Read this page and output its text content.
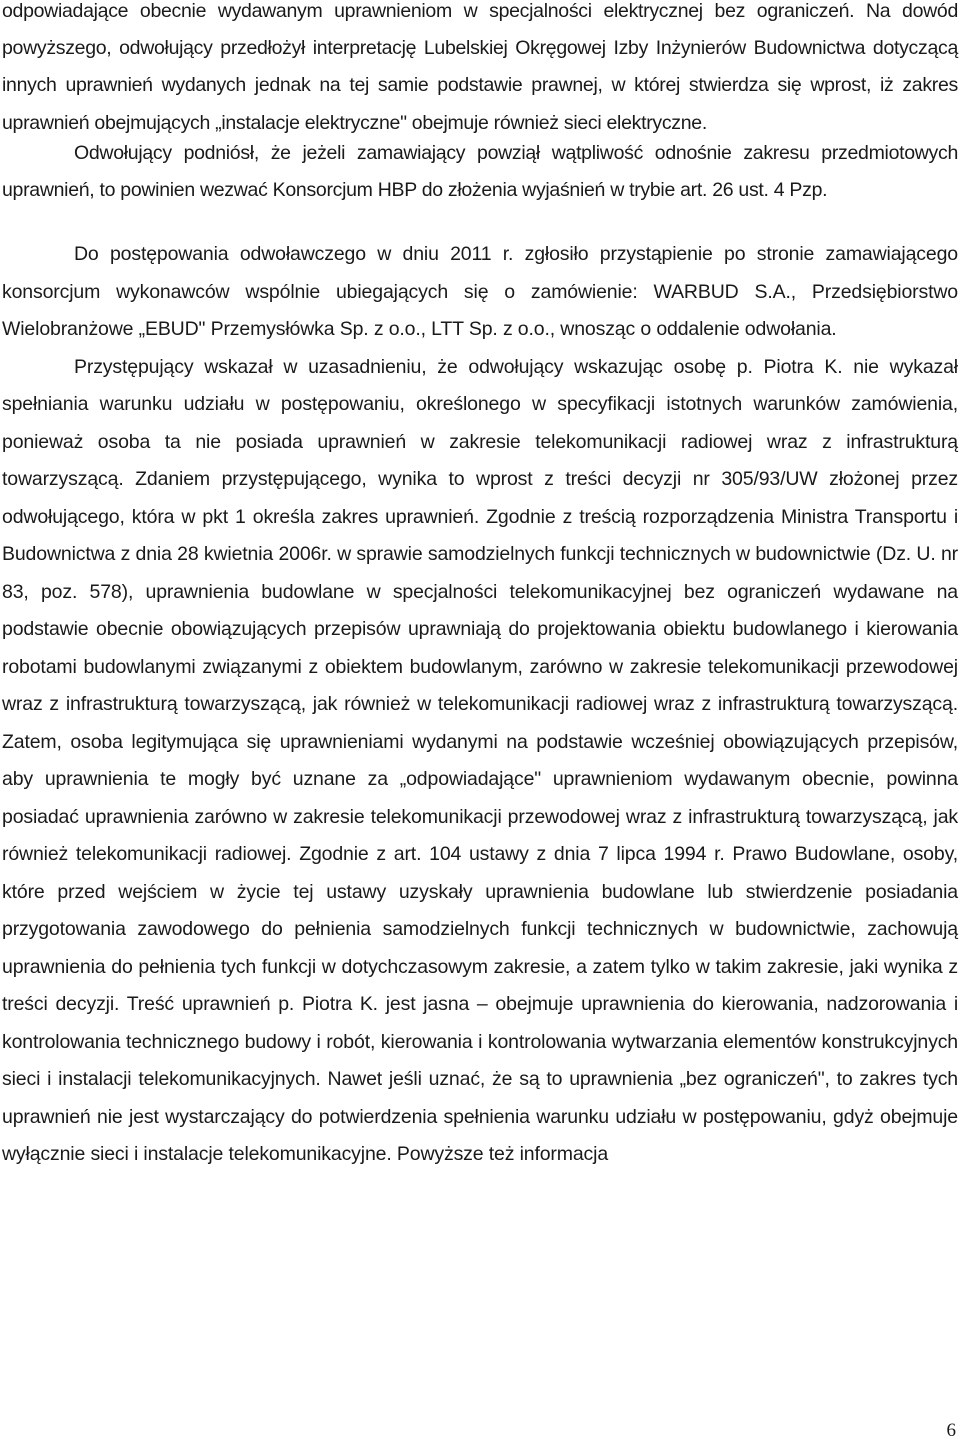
odpowiadające obecnie wydawanym uprawnieniom w specjalności elektrycznej bez ograniczeń. Na dowód powyższego, odwołujący przedłożył interpretację Lubelskiej Okręgowej Izby Inżynierów Budownictwa dotyczącą innych uprawnień wydanych jednak na tej samie podstawie prawnej, w której stwierdza się wprost, iż zakres uprawnień obejmujących „instalacje elektryczne" obejmuje również sieci elektryczne.

Odwołujący podniósł, że jeżeli zamawiający powziął wątpliwość odnośnie zakresu przedmiotowych uprawnień, to powinien wezwać Konsorcjum HBP do złożenia wyjaśnień w trybie art. 26 ust. 4 Pzp.

Do postępowania odwoławczego w dniu 2011 r. zgłosiło przystąpienie po stronie zamawiającego konsorcjum wykonawców wspólnie ubiegających się o zamówienie: WARBUD S.A., Przedsiębiorstwo Wielobranżowe „EBUD" Przemysłówka Sp. z o.o., LTT Sp. z o.o., wnosząc o oddalenie odwołania.

Przystępujący wskazał w uzasadnieniu, że odwołujący wskazując osobę p. Piotra K. nie wykazał spełniania warunku udziału w postępowaniu, określonego w specyfikacji istotnych warunków zamówienia, ponieważ osoba ta nie posiada uprawnień w zakresie telekomunikacji radiowej wraz z infrastrukturą towarzyszącą. Zdaniem przystępującego, wynika to wprost z treści decyzji nr 305/93/UW złożonej przez odwołującego, która w pkt 1 określa zakres uprawnień. Zgodnie z treścią rozporządzenia Ministra Transportu i Budownictwa z dnia 28 kwietnia 2006r. w sprawie samodzielnych funkcji technicznych w budownictwie (Dz. U. nr 83, poz. 578), uprawnienia budowlane w specjalności telekomunikacyjnej bez ograniczeń wydawane na podstawie obecnie obowiązujących przepisów uprawniają do projektowania obiektu budowlanego i kierowania robotami budowlanymi związanymi z obiektem budowlanym, zarówno w zakresie telekomunikacji przewodowej wraz z infrastrukturą towarzyszącą, jak również w telekomunikacji radiowej wraz z infrastrukturą towarzyszącą. Zatem, osoba legitymująca się uprawnieniami wydanymi na podstawie wcześniej obowiązujących przepisów, aby uprawnienia te mogły być uznane za „odpowiadające" uprawnieniom wydawanym obecnie, powinna posiadać uprawnienia zarówno w zakresie telekomunikacji przewodowej wraz z infrastrukturą towarzyszącą, jak również telekomunikacji radiowej. Zgodnie z art. 104 ustawy z dnia 7 lipca 1994 r. Prawo Budowlane, osoby, które przed wejściem w życie tej ustawy uzyskały uprawnienia budowlane lub stwierdzenie posiadania przygotowania zawodowego do pełnienia samodzielnych funkcji technicznych w budownictwie, zachowują uprawnienia do pełnienia tych funkcji w dotychczasowym zakresie, a zatem tylko w takim zakresie, jaki wynika z treści decyzji. Treść uprawnień p. Piotra K. jest jasna – obejmuje uprawnienia do kierowania, nadzorowania i kontrolowania technicznego budowy i robót, kierowania i kontrolowania wytwarzania elementów konstrukcyjnych sieci i instalacji telekomunikacyjnych. Nawet jeśli uznać, że są to uprawnienia „bez ograniczeń", to zakres tych uprawnień nie jest wystarczający do potwierdzenia spełnienia warunku udziału w postępowaniu, gdyż obejmuje wyłącznie sieci i instalacje telekomunikacyjne. Powyższe też informacja

6
